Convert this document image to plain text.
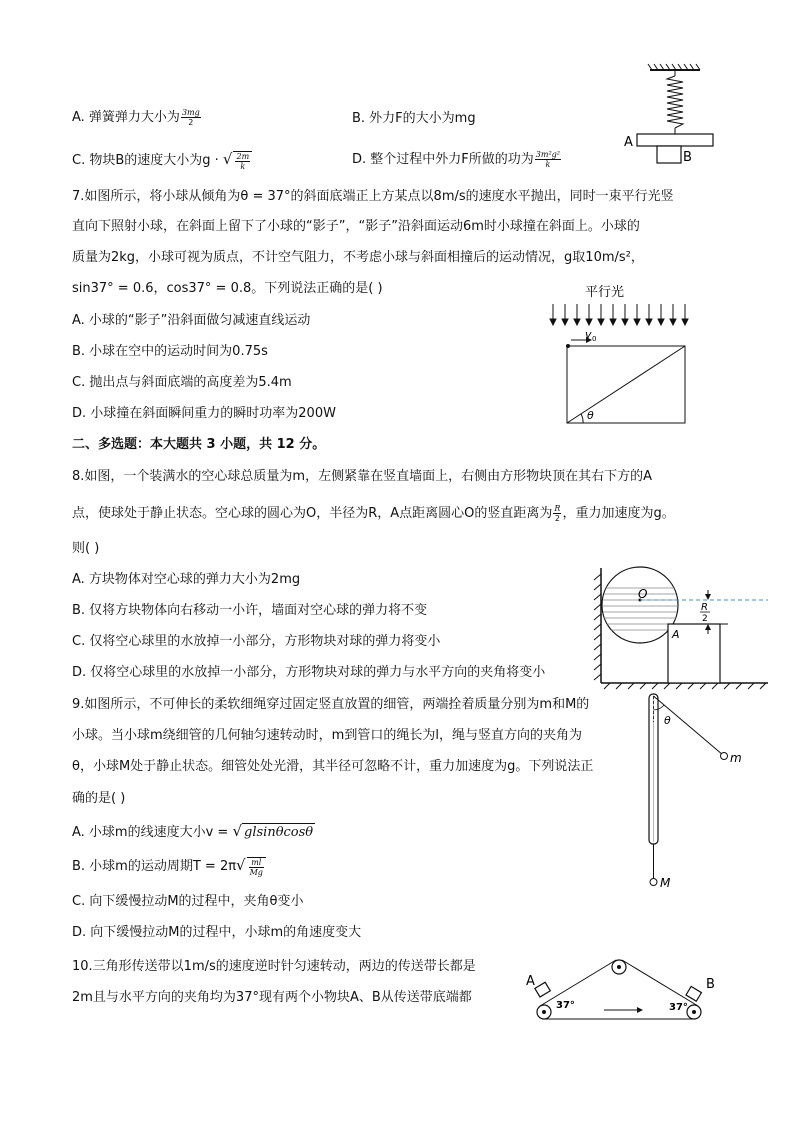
A. 弹簧弹力大小为 $\frac{3mg}{2}$	B. 外力F的大小为mg
C. 物块B的速度大小为g · √ $\frac{2m}{k}$	D. 整个过程中外力F所做的功为 $\frac{\text{3m²g²}}{k}$
A
B
7.如图所示，将小球从倾角为θ = 37°的斜面底端正上方某点以8m/s的速度水平抛出，同时一束平行光竖
直向下照射小球，在斜面上留下了小球的“影子”，“影子”沿斜面运动6m时小球撞在斜面上。小球的
质量为2kg，小球可视为质点，不计空气阻力，不考虑小球与斜面相撞后的运动情况，g取10m/s²，
sin37° = 0.6，cos37° = 0.8。下列说法正确的是( )
A. 小球的“影子”沿斜面做匀减速直线运动
B. 小球在空中的运动时间为0.75s
C. 抛出点与斜面底端的高度差为5.4m
D. 小球撞在斜面瞬间重力的瞬时功率为200W
平行光
v 0
θ
二、多选题：本大题共 3 小题，共 12 分。
8.如图，一个装满水的空心球总质量为m，左侧紧靠在竖直墙面上，右侧由方形物块顶在其右下方的A
点，使球处于静止状态。空心球的圆心为O，半径为R，A点距离圆心O的竖直距离为 $\frac{R}{2}$ ，重力加速度为g。
则( )
A. 方块物体对空心球的弹力大小为2mg
B. 仅将方块物体向右移动一小许，墙面对空心球的弹力将不变
C. 仅将空心球里的水放掉一小部分，方形物块对球的弹力将变小
D. 仅将空心球里的水放掉一小部分，方形物块对球的弹力与水平方向的夹角将变小
O
A
R
2
9.如图所示，不可伸长的柔软细绳穿过固定竖直放置的细管，两端拴着质量分别为m和M的
小球。当小球m绕细管的几何轴匀速转动时，m到管口的绳长为l，绳与竖直方向的夹角为
θ，小球M处于静止状态。细管处处光滑，其半径可忽略不计，重力加速度为g。下列说法正
确的是( )
A. 小球m的线速度大小v = √ glsinθcosθ
B. 小球m的运动周期$T = 2\pi√ \frac{ml}{Mg}$
C. 向下缓慢拉动M的过程中，夹角θ变小
D. 向下缓慢拉动M的过程中，小球m的角速度变大
θ
m
M
10.三角形传送带以1m/s的速度逆时针匀速转动，两边的传送带长都是
2m且与水平方向的夹角均为37°现有两个小物块A、B从传送带底端都
A	B
37°	37°
